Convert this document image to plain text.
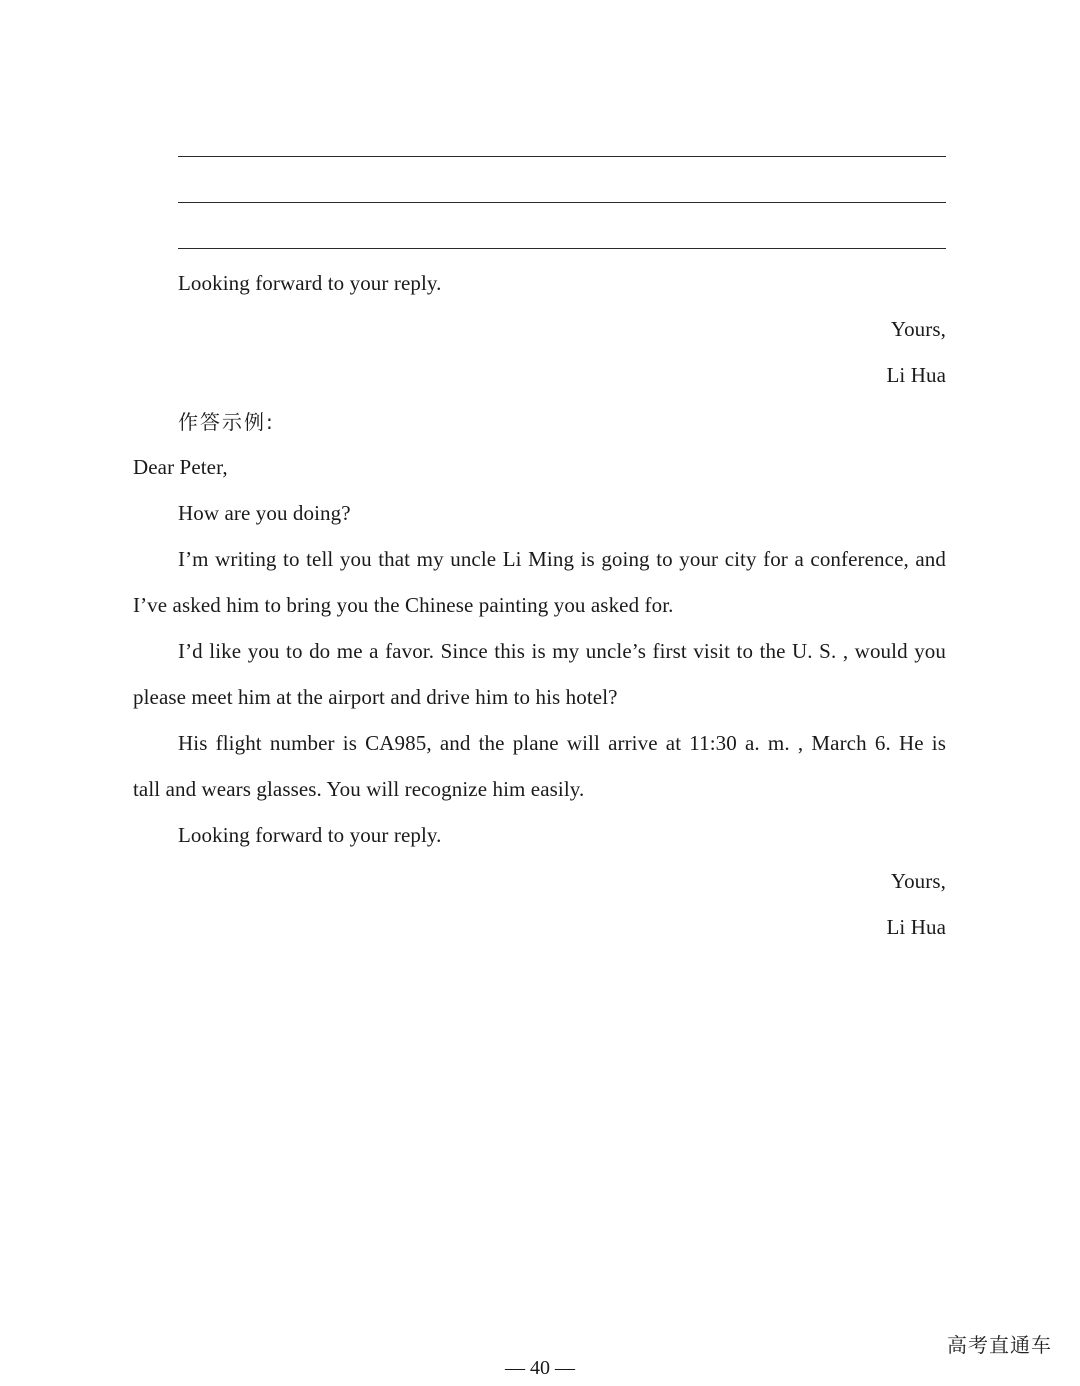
Looking forward to your reply.
Yours,
Li Hua
作答示例:
Dear Peter,
How are you doing?
I’m writing to tell you that my uncle Li Ming is going to your city for a conference, and
I’ve asked him to bring you the Chinese painting you asked for.
I’d like you to do me a favor. Since this is my uncle’s first visit to the U. S. , would you
please meet him at the airport and drive him to his hotel?
His flight number is CA985, and the plane will arrive at 11:30 a. m. , March 6. He is
tall and wears glasses. You will recognize him easily.
Looking forward to your reply.
Yours,
Li Hua
— 40 —
高考直通车
